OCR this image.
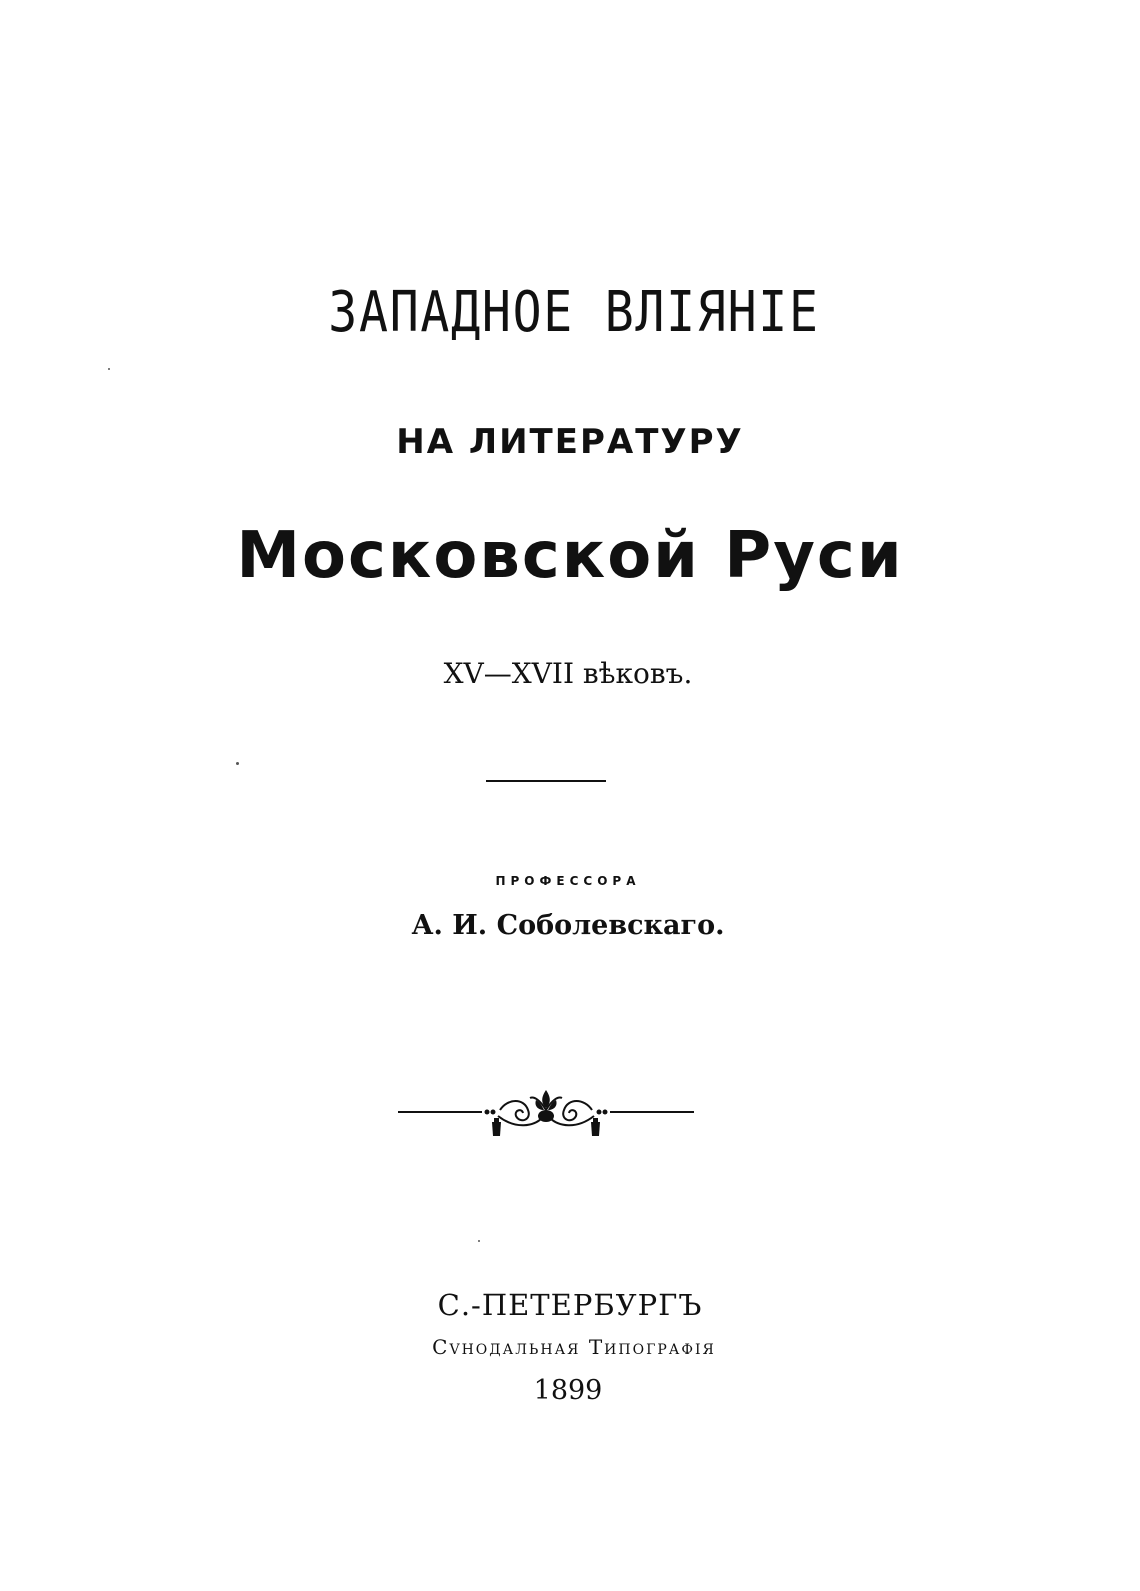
ЗАПАДНОЕ ВЛІЯНІЕ
НА ЛИТЕРАТУРУ
Московской Руси
XV—XVII вѣковъ.
ПРОФЕССОРА
А. И. Соболевскаго.
С.-ПЕТЕРБУРГЪ
Сvнодальная Типографія
1899
